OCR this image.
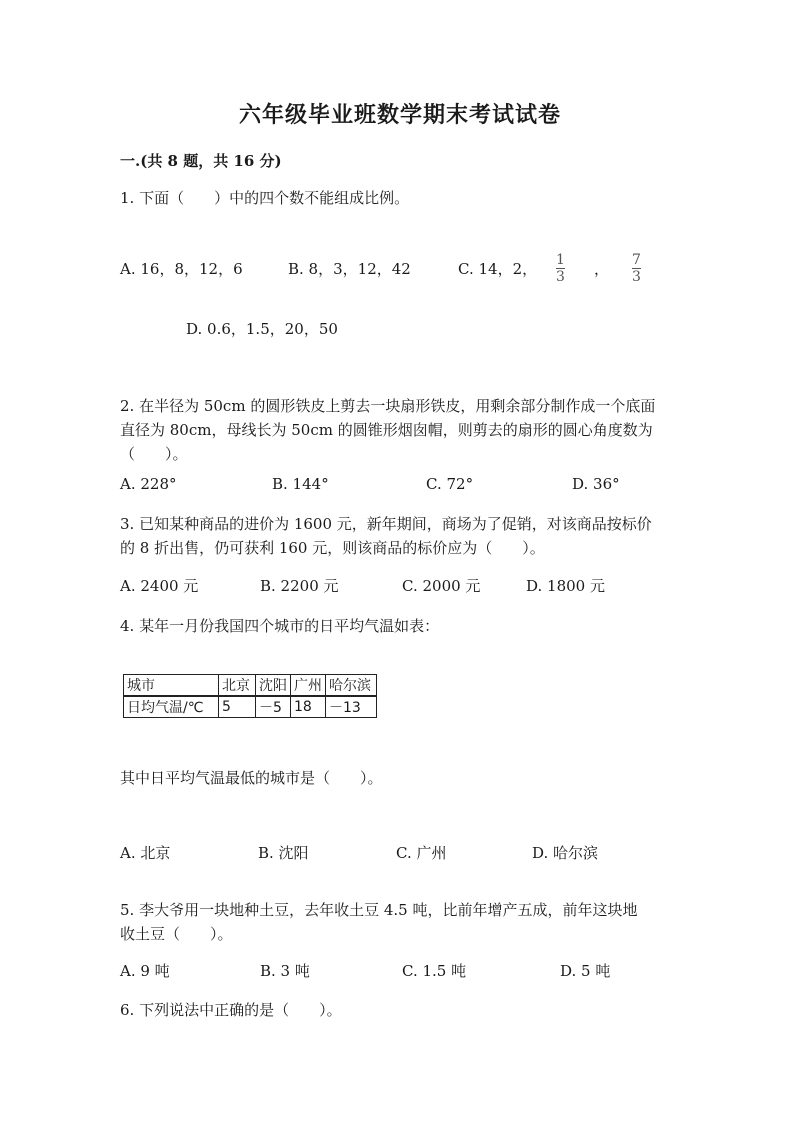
六年级毕业班数学期末考试试卷
一.(共 8 题，共 16 分)
1. 下面（　　）中的四个数不能组成比例。
A. 16，8，12，6	B. 8，3，12，42	C. 14，2， 1
3 ， 7
3
D. 0.6，1.5，20，50
2. 在半径为 50cm 的圆形铁皮上剪去一块扇形铁皮，用剩余部分制作成一个底面
直径为 80cm，母线长为 50cm 的圆锥形烟囱帽，则剪去的扇形的圆心角度数为
（　　）。
A. 228°	B. 144°	C. 72°	D. 36°
3. 已知某种商品的进价为 1600 元，新年期间，商场为了促销，对该商品按标价
的 8 折出售，仍可获利 160 元，则该商品的标价应为（　　）。
A. 2400 元	B. 2200 元	C. 2000 元	D. 1800 元
4. 某年一月份我国四个城市的日平均气温如表：
城市	北京	沈阳	广州	哈尔滨
日均气温/℃	5	－5	18	－13
其中日平均气温最低的城市是（　　）。
A. 北京	B. 沈阳	C. 广州	D. 哈尔滨
5. 李大爷用一块地种土豆，去年收土豆 4.5 吨，比前年增产五成，前年这块地
收土豆（　　）。
A. 9 吨	B. 3 吨	C. 1.5 吨	D. 5 吨
6. 下列说法中正确的是（　　）。
